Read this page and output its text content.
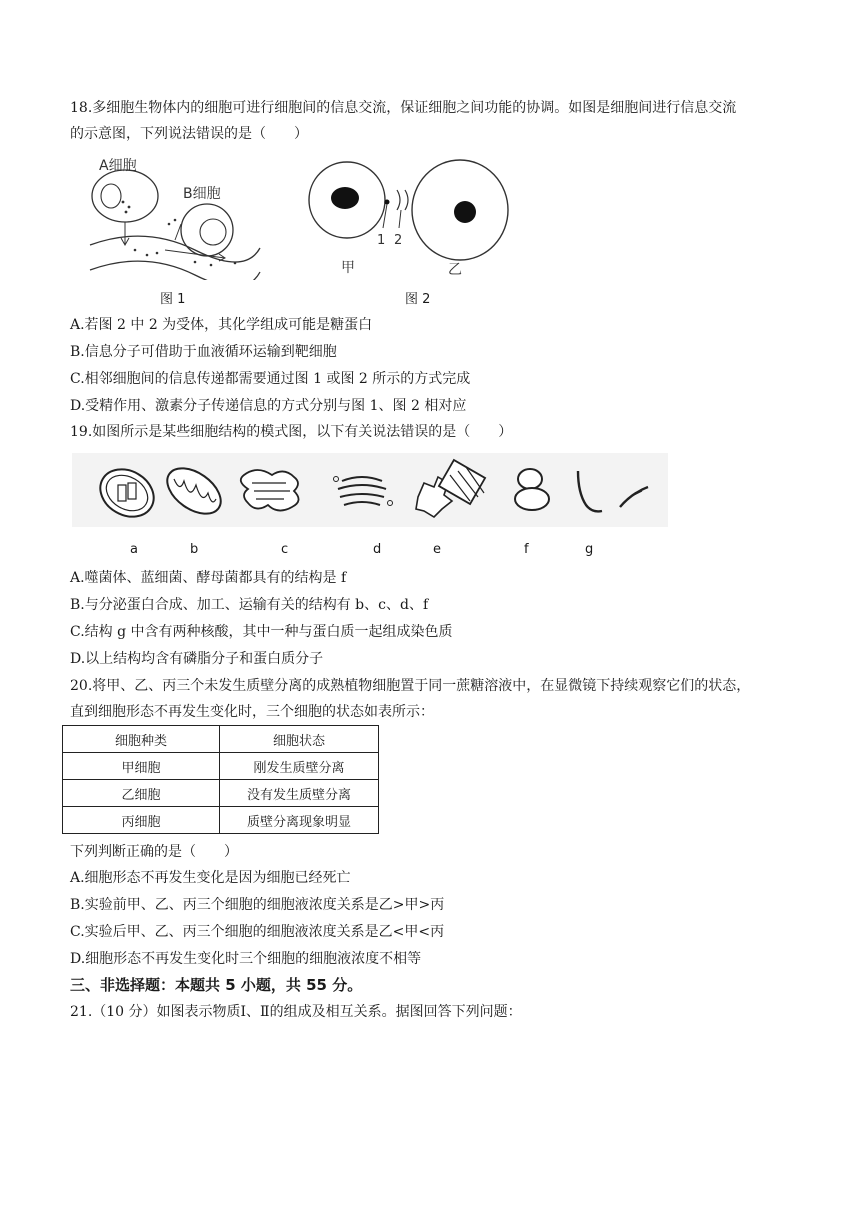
18.多细胞生物体内的细胞可进行细胞间的信息交流，保证细胞之间功能的协调。如图是细胞间进行信息交流
的示意图，下列说法错误的是（　　）
A细胞
B细胞
图 1
1 2
甲	乙
图 2
A.若图 2 中 2 为受体，其化学组成可能是糖蛋白
B.信息分子可借助于血液循环运输到靶细胞
C.相邻细胞间的信息传递都需要通过图 1 或图 2 所示的方式完成
D.受精作用、激素分子传递信息的方式分别与图 1、图 2 相对应
19.如图所示是某些细胞结构的模式图，以下有关说法错误的是（　　）
a	b	c	d	e	f	g
A.噬菌体、蓝细菌、酵母菌都具有的结构是 f
B.与分泌蛋白合成、加工、运输有关的结构有 b、c、d、f
C.结构 g 中含有两种核酸，其中一种与蛋白质一起组成染色质
D.以上结构均含有磷脂分子和蛋白质分子
20.将甲、乙、丙三个未发生质壁分离的成熟植物细胞置于同一蔗糖溶液中，在显微镜下持续观察它们的状态，
直到细胞形态不再发生变化时，三个细胞的状态如表所示：
细胞种类	细胞状态
甲细胞	刚发生质壁分离
乙细胞	没有发生质壁分离
丙细胞	质壁分离现象明显
下列判断正确的是（　　）
A.细胞形态不再发生变化是因为细胞已经死亡
B.实验前甲、乙、丙三个细胞的细胞液浓度关系是乙>甲>丙
C.实验后甲、乙、丙三个细胞的细胞液浓度关系是乙<甲<丙
D.细胞形态不再发生变化时三个细胞的细胞液浓度不相等
三、非选择题：本题共 5 小题，共 55 分。
21.（10 分）如图表示物质Ⅰ、Ⅱ的组成及相互关系。据图回答下列问题：
